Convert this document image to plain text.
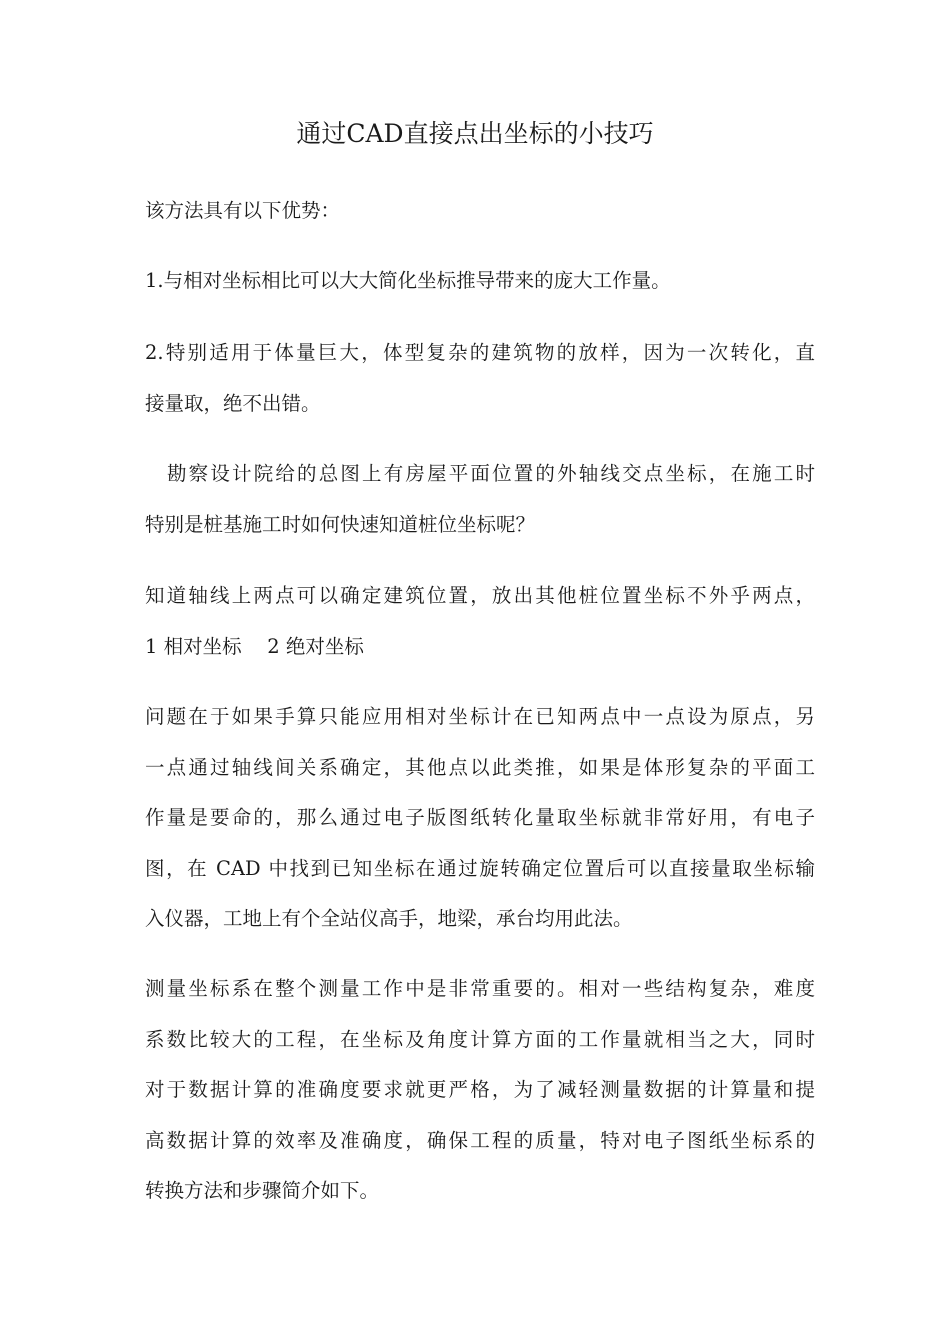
通过CAD直接点出坐标的小技巧
该方法具有以下优势：
1.与相对坐标相比可以大大简化坐标推导带来的庞大工作量。
2.特别适用于体量巨大，体型复杂的建筑物的放样，因为一次转化，直
接量取，绝不出错。
勘察设计院给的总图上有房屋平面位置的外轴线交点坐标，在施工时
特别是桩基施工时如何快速知道桩位坐标呢？
知道轴线上两点可以确定建筑位置，放出其他桩位置坐标不外乎两点，
1 相对坐标　 2 绝对坐标
问题在于如果手算只能应用相对坐标计在已知两点中一点设为原点，另
一点通过轴线间关系确定，其他点以此类推，如果是体形复杂的平面工
作量是要命的，那么通过电子版图纸转化量取坐标就非常好用，有电子
图，在 CAD 中找到已知坐标在通过旋转确定位置后可以直接量取坐标输
入仪器，工地上有个全站仪高手，地梁，承台均用此法。
测量坐标系在整个测量工作中是非常重要的。相对一些结构复杂，难度
系数比较大的工程，在坐标及角度计算方面的工作量就相当之大，同时
对于数据计算的准确度要求就更严格，为了减轻测量数据的计算量和提
高数据计算的效率及准确度，确保工程的质量，特对电子图纸坐标系的
转换方法和步骤简介如下。
